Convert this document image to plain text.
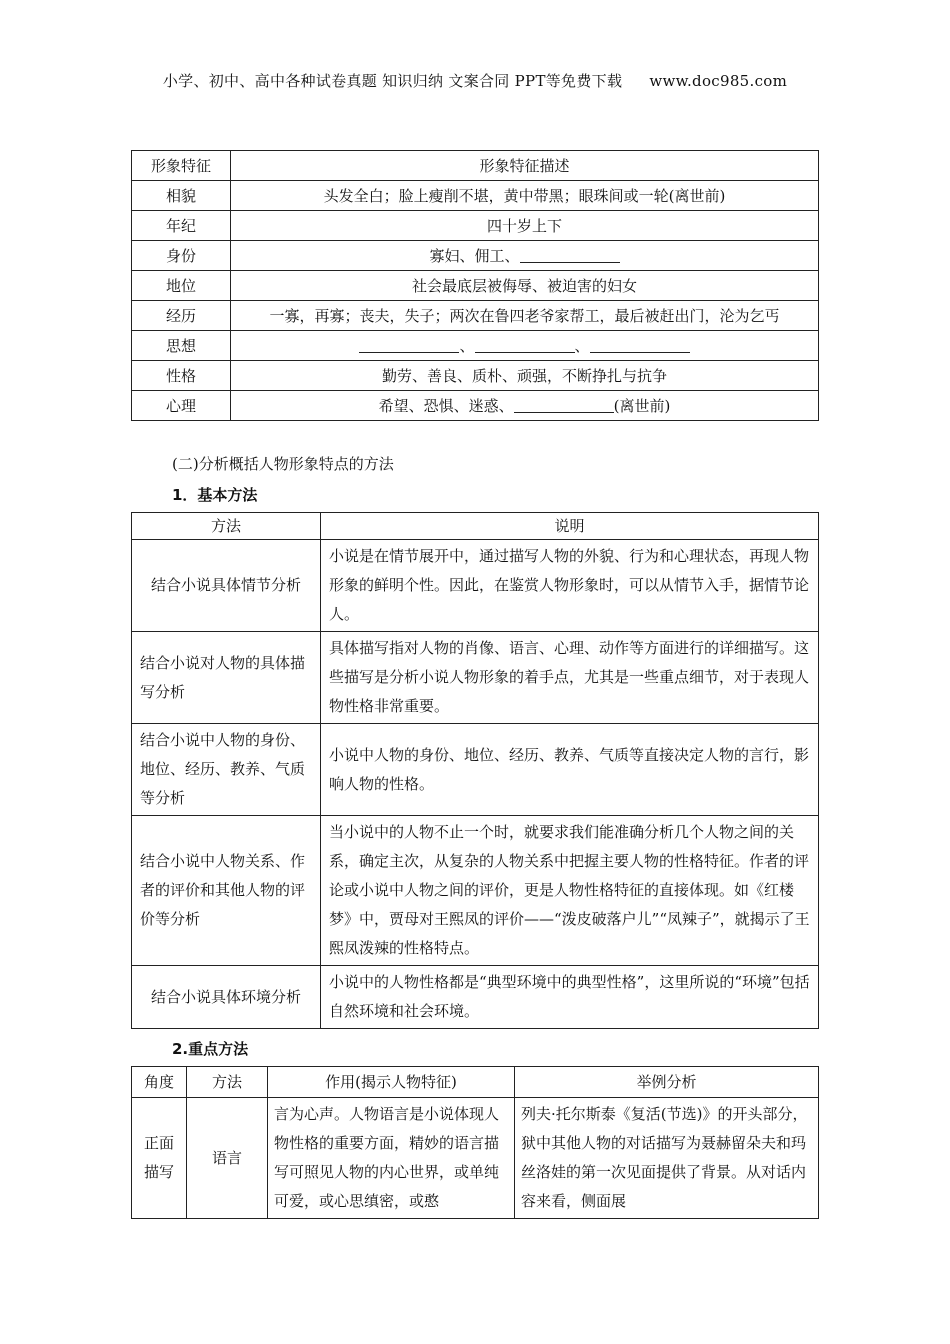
小学、初中、高中各种试卷真题 知识归纳 文案合同 PPT等免费下载 www.doc985.com
形象特征	形象特征描述
相貌	头发全白；脸上瘦削不堪，黄中带黑；眼珠间或一轮(离世前)
年纪	四十岁上下
身份	寡妇、佣工、
地位	社会最底层被侮辱、被迫害的妇女
经历	一寡，再寡；丧夫，失子；两次在鲁四老爷家帮工，最后被赶出门，沦为乞丐
思想	、 、
性格	勤劳、善良、质朴、顽强，不断挣扎与抗争
心理	希望、恐惧、迷惑、 (离世前)
(二)分析概括人物形象特点的方法
1．基本方法
方法	说明
结合小说具体情节分析	小说是在情节展开中，通过描写人物的外貌、行为和心理状态，再现人物形象的鲜明个性。因此，在鉴赏人物形象时，可以从情节入手，据情节论人。
结合小说对人物的具体描写分析	具体描写指对人物的肖像、语言、心理、动作等方面进行的详细描写。这些描写是分析小说人物形象的着手点，尤其是一些重点细节，对于表现人物性格非常重要。
结合小说中人物的身份、地位、经历、教养、气质等分析	小说中人物的身份、地位、经历、教养、气质等直接决定人物的言行，影响人物的性格。
结合小说中人物关系、作者的评价和其他人物的评价等分析	当小说中的人物不止一个时，就要求我们能准确分析几个人物之间的关系，确定主次，从复杂的人物关系中把握主要人物的性格特征。作者的评论或小说中人物之间的评价，更是人物性格特征的直接体现。如《红楼梦》中，贾母对王熙凤的评价——“泼皮破落户儿”“凤辣子”，就揭示了王熙凤泼辣的性格特点。
结合小说具体环境分析	小说中的人物性格都是“典型环境中的典型性格”，这里所说的“环境”包括自然环境和社会环境。
2.重点方法
角度	方法	作用(揭示人物特征)	举例分析
正面描写	语言	言为心声。人物语言是小说体现人物性格的重要方面，精妙的语言描写可照见人物的内心世界，或单纯可爱，或心思缜密，或憨	列夫·托尔斯泰《复活(节选)》的开头部分，狱中其他人物的对话描写为聂赫留朵夫和玛丝洛娃的第一次见面提供了背景。从对话内容来看，侧面展
